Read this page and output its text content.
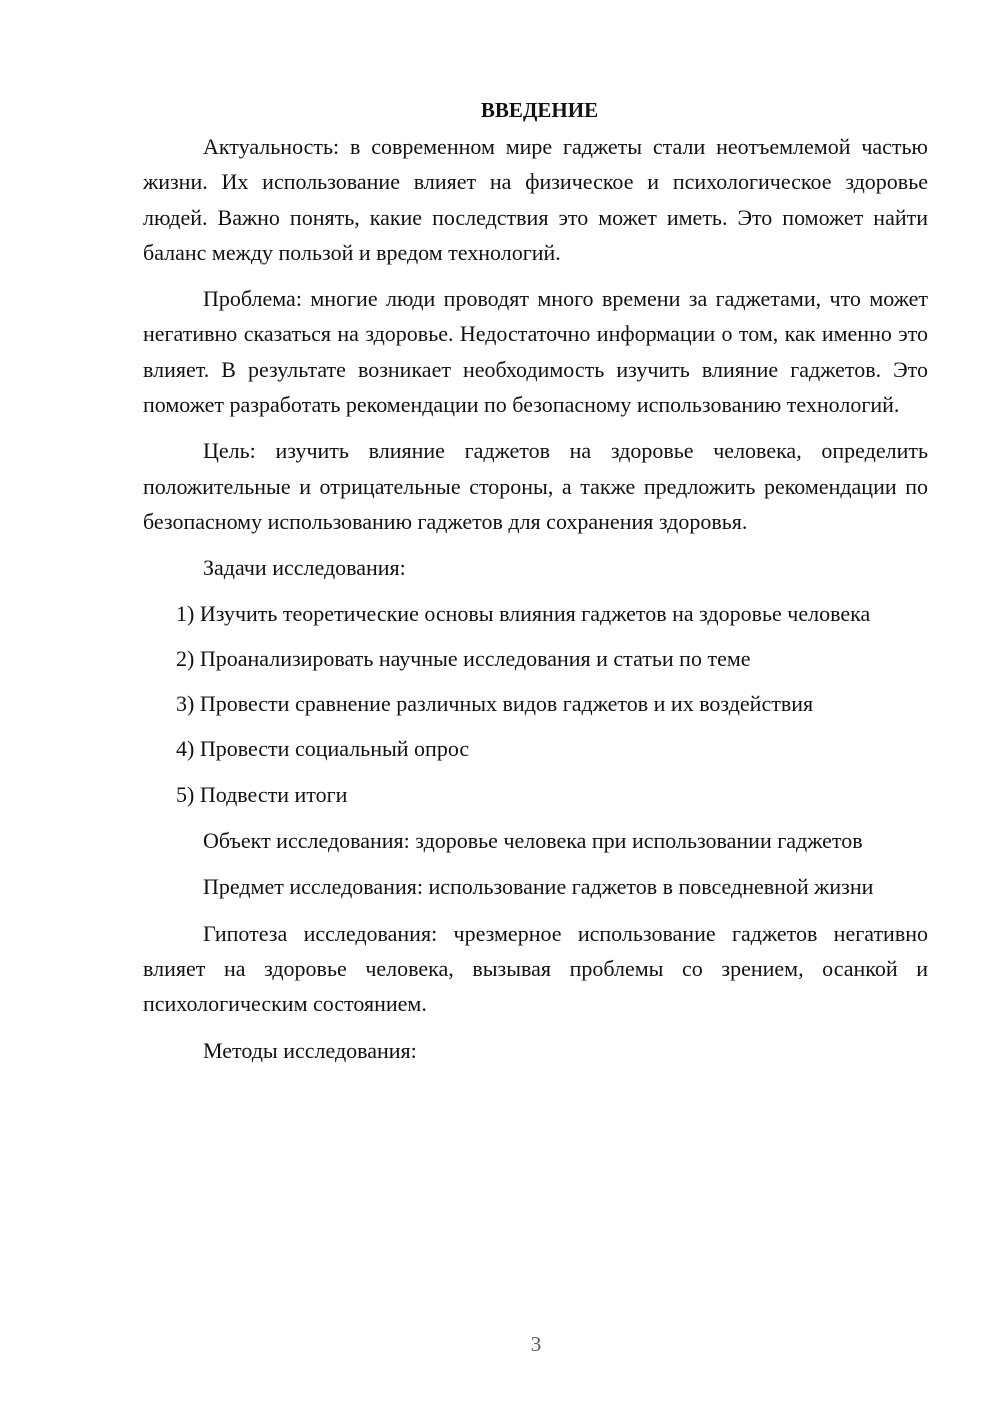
ВВЕДЕНИЕ

Актуальность: в современном мире гаджеты стали неотъемлемой частью жизни. Их использование влияет на физическое и психологическое здоровье людей. Важно понять, какие последствия это может иметь. Это поможет найти баланс между пользой и вредом технологий.

Проблема: многие люди проводят много времени за гаджетами, что может негативно сказаться на здоровье. Недостаточно информации о том, как именно это влияет. В результате возникает необходимость изучить влияние гаджетов. Это поможет разработать рекомендации по безопасному использованию технологий.

Цель: изучить влияние гаджетов на здоровье человека, определить положительные и отрицательные стороны, а также предложить рекомендации по безопасному использованию гаджетов для сохранения здоровья.

Задачи исследования:

1) Изучить теоретические основы влияния гаджетов на здоровье человека

2) Проанализировать научные исследования и статьи по теме

3) Провести сравнение различных видов гаджетов и их воздействия

4) Провести социальный опрос

5) Подвести итоги

Объект исследования: здоровье человека при использовании гаджетов

Предмет исследования: использование гаджетов в повседневной жизни

Гипотеза исследования: чрезмерное использование гаджетов негативно влияет на здоровье человека, вызывая проблемы со зрением, осанкой и психологическим состоянием.

Методы исследования:

3
